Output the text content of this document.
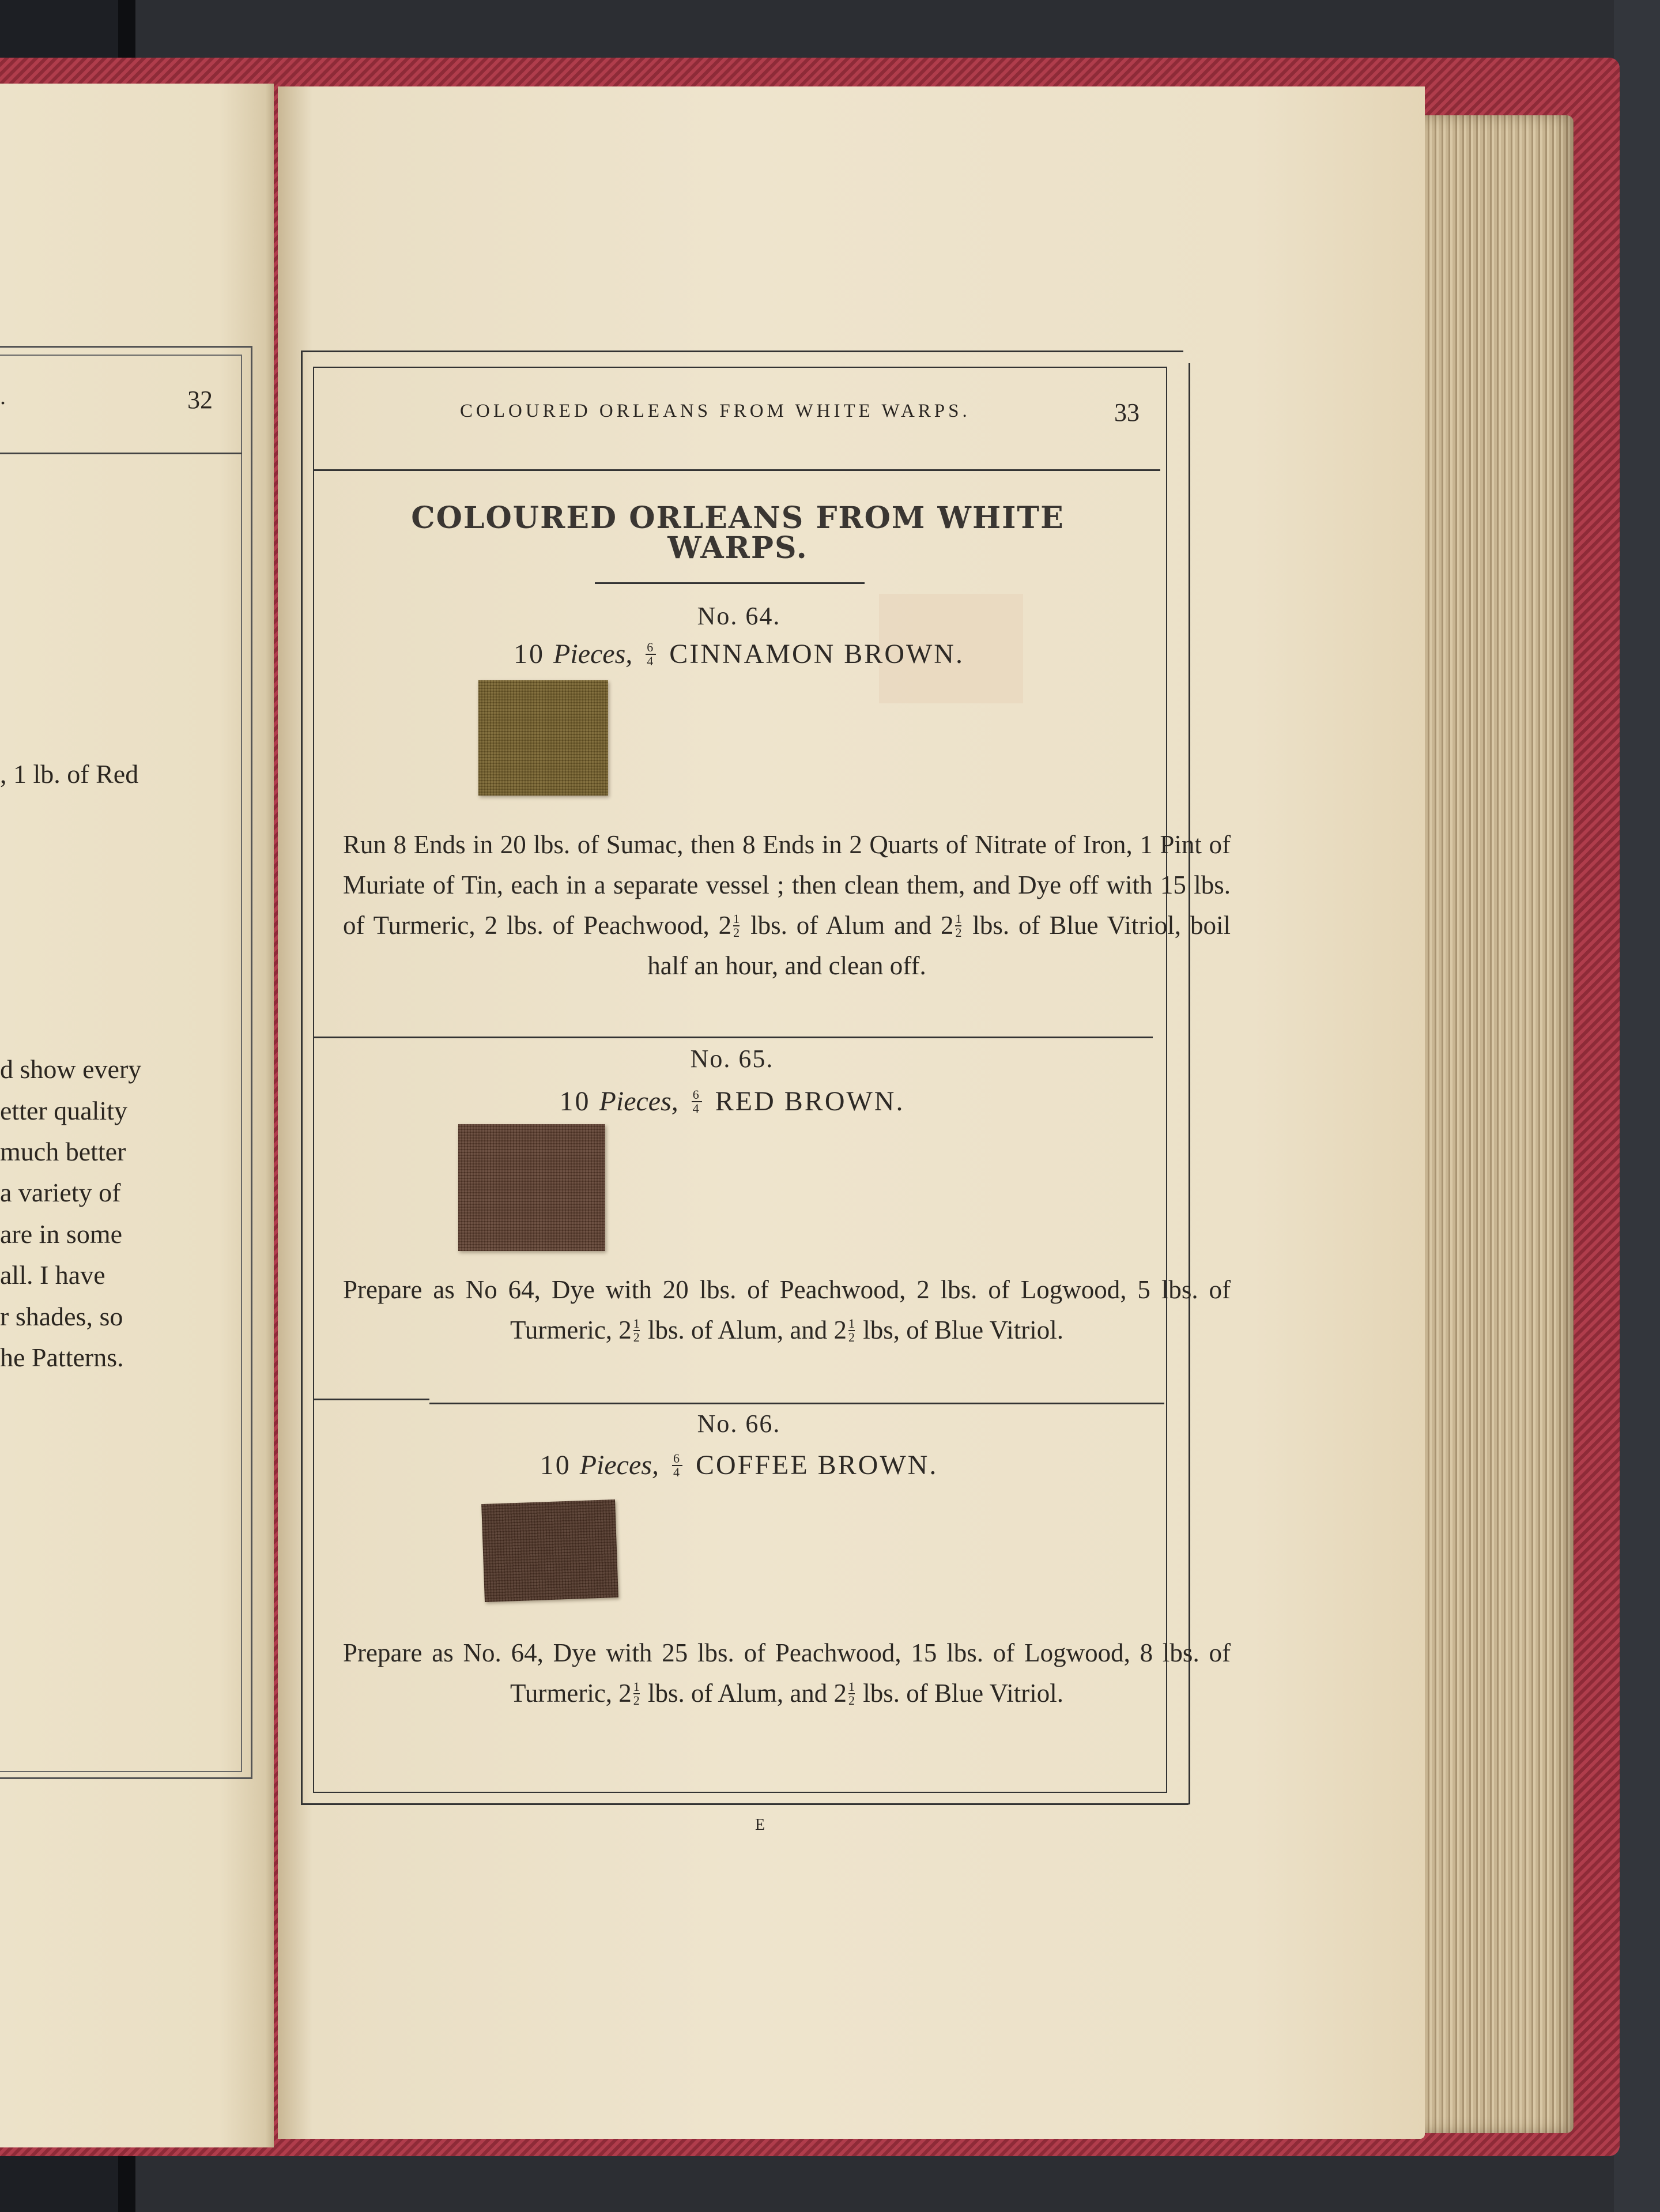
.	32
, 1 lb. of Red
d show every
etter quality
much better
a variety of
are in some
all. I have
r shades, so
he Patterns.
COLOURED ORLEANS FROM WHITE WARPS.	33
COLOURED ORLEANS FROM WHITE
WARPS.
No. 64.
10 Pieces, $\frac{6}{4}$ CINNAMON BROWN.
Run 8 Ends in 20 lbs. of Sumac, then 8 Ends in 2 Quarts of Nitrate of Iron, 1 Pint of Muriate of Tin, each in a separate vessel ; then clean them, and Dye off with 15 lbs. of Turmeric, 2 lbs. of Peachwood, $2 \frac{1}{2}$ lbs. of Alum and $2 \frac{1}{2}$ lbs. of Blue Vitriol, boil half an hour, and clean off.
No. 65.
10 Pieces, $\frac{6}{4}$ RED BROWN.
Prepare as No 64, Dye with 20 lbs. of Peachwood, 2 lbs. of Logwood, 5 lbs. of Turmeric, $2 \frac{1}{2}$ lbs. of Alum, and $2 \frac{1}{2}$ lbs, of Blue Vitriol.
No. 66.
10 Pieces, $\frac{6}{4}$ COFFEE BROWN.
Prepare as No. 64, Dye with 25 lbs. of Peachwood, 15 lbs. of Logwood, 8 lbs. of Turmeric, $2 \frac{1}{2}$ lbs. of Alum, and $2 \frac{1}{2}$ lbs. of Blue Vitriol.
E
